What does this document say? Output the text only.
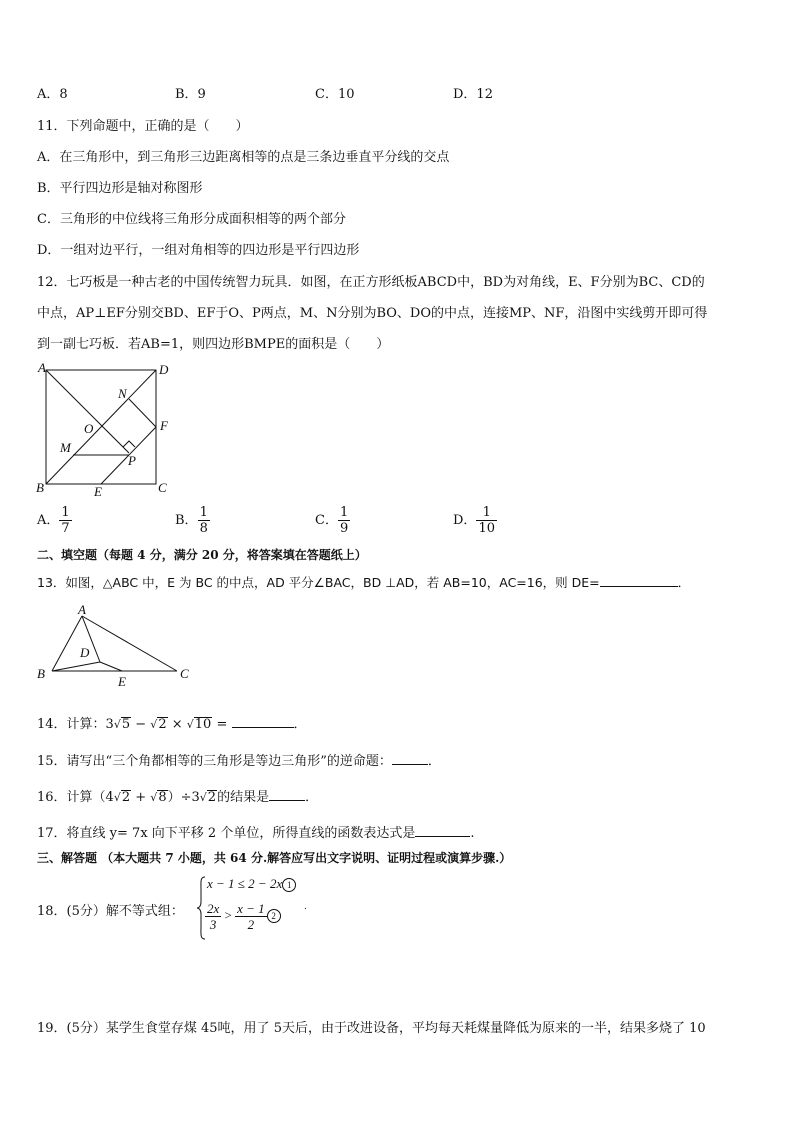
A．8	B．9	C．10	D．12
11．下列命题中，正确的是（　　）
A．在三角形中，到三角形三边距离相等的点是三条边垂直平分线的交点
B．平行四边形是轴对称图形
C．三角形的中位线将三角形分成面积相等的两个部分
D．一组对边平行，一组对角相等的四边形是平行四边形
12．七巧板是一种古老的中国传统智力玩具．如图，在正方形纸板ABCD中，BD为对角线，E、F分别为BC、CD的
中点，AP⊥EF分别交BD、EF于O、P两点，M、N分别为BO、DO的中点，连接MP、NF，沿图中实线剪开即可得
到一副七巧板．若AB=1，则四边形BMPE的面积是（　　）
A	D
B	C
E
F
N
O
M
P
A． $\frac{1}{7}$	B． $\frac{1}{8}$	C． $\frac{1}{9}$	D． $\frac{1}{10}$
二、填空题（每题 4 分，满分 20 分，将答案填在答题纸上）
13．如图，△ABC 中，E 为 BC 的中点，AD 平分∠BAC，BD ⊥AD，若 AB=10，AC=16，则 DE=	．
A
B	C
D
E
14．计算：3√5 − √2 × √10 =	．
15．请写出“三个角都相等的三角形是等边三角形”的逆命题：	．
16．计算（4√2 + √8）÷3√2的结果是	．
17．将直线 y= 7x 向下平移 2 个单位，所得直线的函数表达式是	.
三、解答题 （本大题共 7 小题，共 64 分.解答应写出文字说明、证明过程或演算步骤.）
18．(5分）解不等式组：
x − 1 ≤ 2 − 2x 1
$\frac{2x}{3} > \frac{x - 1}{2} 2$
.
19．(5分）某学生食堂存煤 45吨，用了 5天后，由于改进设备，平均每天耗煤量降低为原来的一半，结果多烧了 10
